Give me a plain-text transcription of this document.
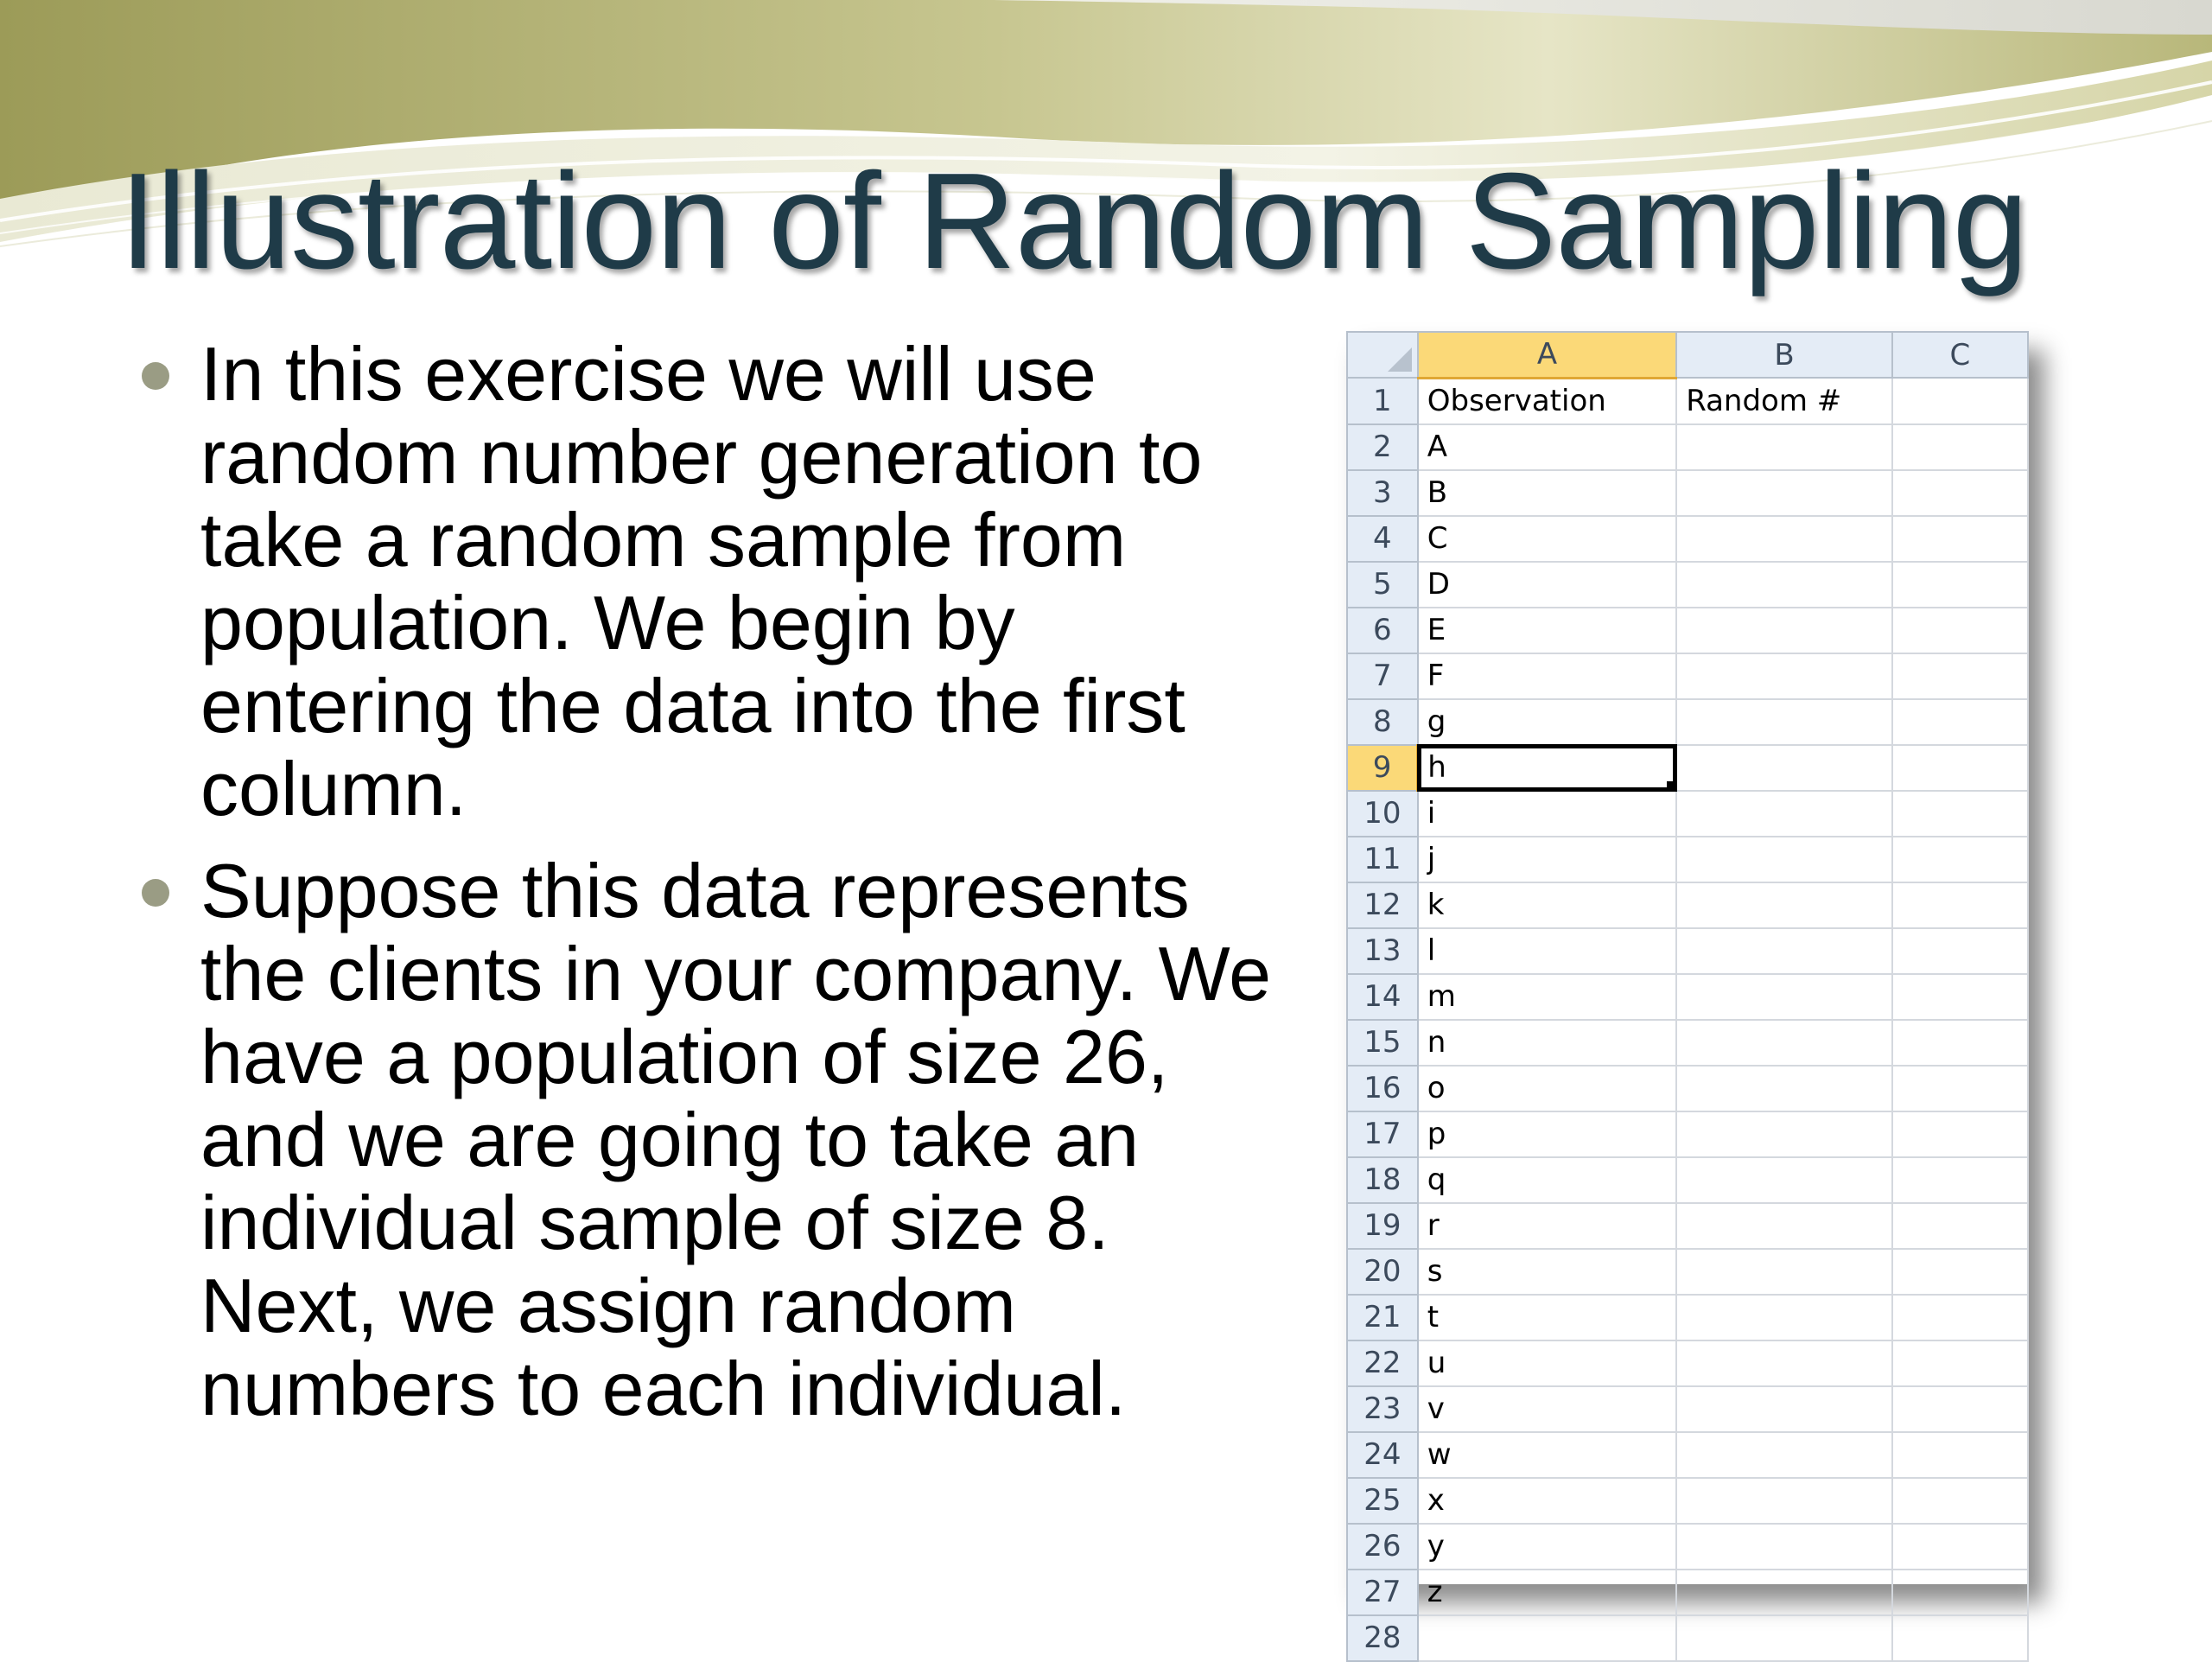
Illustration of Random Sampling
In this exercise we will use random number generation to take a random sample from population. We begin by entering the data into the first column.
Suppose this data represents the clients in your company. We have a population of size 26, and we are going to take an individual sample of size 8. Next, we assign random numbers to each individual.
	A	B	C
1	Observation	Random #	
2	A		
3	B		
4	C		
5	D		
6	E		
7	F		
8	g		
9	h

10	i		
11	j		
12	k		
13	l		
14	m		
15	n		
16	o		
17	p		
18	q		
19	r		
20	s		
21	t		
22	u		
23	v		
24	w		
25	x		
26	y		
27	z		
28			
